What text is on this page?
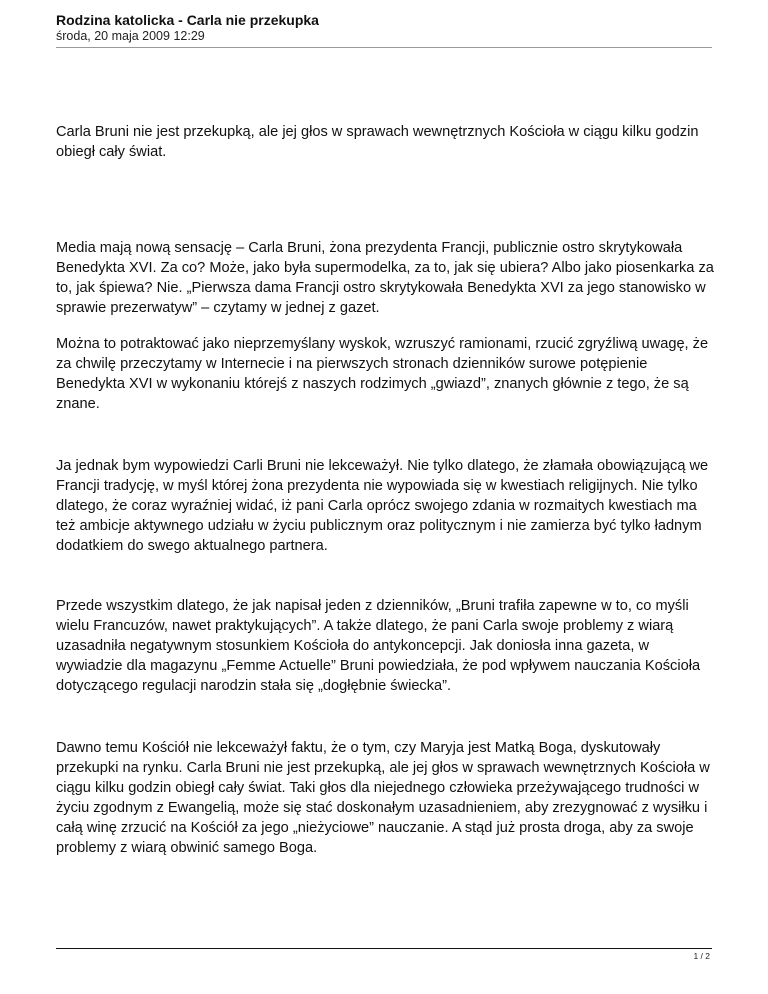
Rodzina katolicka - Carla nie przekupka
środa, 20 maja 2009 12:29

Carla Bruni nie jest przekupką, ale jej głos w sprawach wewnętrznych Kościoła w ciągu kilku godzin obiegł cały świat.

Media mają nową sensację – Carla Bruni, żona prezydenta Francji, publicznie ostro skrytykowała Benedykta XVI. Za co? Może, jako była supermodelka, za to, jak się ubiera? Albo jako piosenkarka za to, jak śpiewa? Nie. „Pierwsza dama Francji ostro skrytykowała Benedykta XVI za jego stanowisko w sprawie prezerwatyw” – czytamy w jednej z gazet.

Można to potraktować jako nieprzemyślany wyskok, wzruszyć ramionami, rzucić zgryźliwą uwagę, że za chwilę przeczytamy w Internecie i na pierwszych stronach dzienników surowe potępienie Benedykta XVI w wykonaniu którejś z naszych rodzimych „gwiazd”, znanych głównie z tego, że są znane.

Ja jednak bym wypowiedzi Carli Bruni nie lekceważył. Nie tylko dlatego, że złamała obowiązującą we Francji tradycję, w myśl której żona prezydenta nie wypowiada się w kwestiach religijnych. Nie tylko dlatego, że coraz wyraźniej widać, iż pani Carla oprócz swojego zdania w rozmaitych kwestiach ma też ambicje aktywnego udziału w życiu publicznym oraz politycznym i nie zamierza być tylko ładnym dodatkiem do swego aktualnego partnera.

Przede wszystkim dlatego, że jak napisał jeden z dzienników, „Bruni trafiła zapewne w to, co myśli wielu Francuzów, nawet praktykujących”. A także dlatego, że pani Carla swoje problemy z wiarą uzasadniła negatywnym stosunkiem Kościoła do antykoncepcji. Jak doniosła inna gazeta, w wywiadzie dla magazynu „Femme Actuelle” Bruni powiedziała, że pod wpływem nauczania Kościoła dotyczącego regulacji narodzin stała się „dogłębnie świecka”.

Dawno temu Kościół nie lekceważył faktu, że o tym, czy Maryja jest Matką Boga, dyskutowały przekupki na rynku. Carla Bruni nie jest przekupką, ale jej głos w sprawach wewnętrznych Kościoła w ciągu kilku godzin obiegł cały świat. Taki głos dla niejednego człowieka przeżywającego trudności w życiu zgodnym z Ewangelią, może się stać doskonałym uzasadnieniem, aby zrezygnować z wysiłku i całą winę zrzucić na Kościół za jego „nieżyciowe” nauczanie. A stąd już prosta droga, aby za swoje problemy z wiarą obwinić samego Boga.

1 / 2
